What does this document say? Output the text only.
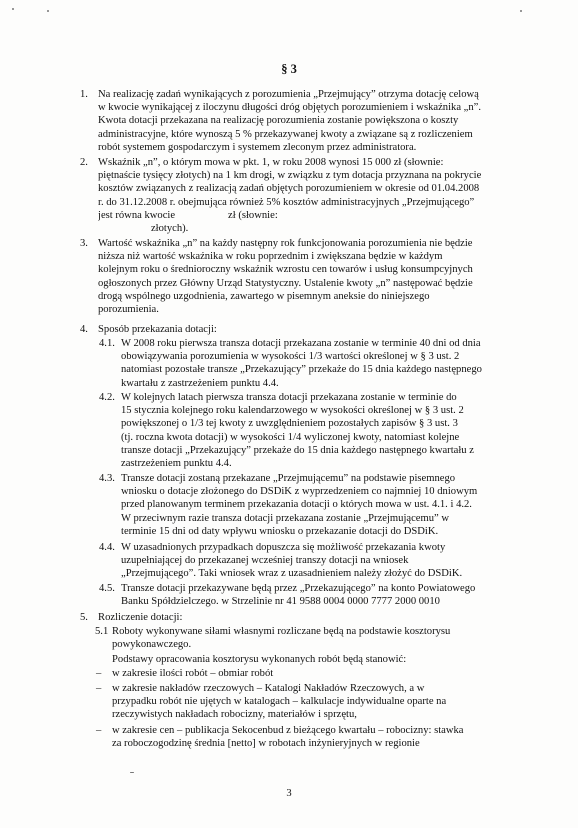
§ 3
1. Na realizację zadań wynikających z porozumienia „Przejmujący” otrzyma dotację celową
w kwocie wynikającej z iloczynu długości dróg objętych porozumieniem i wskaźnika „n”.
Kwota dotacji przekazana na realizację porozumienia zostanie powiększona o koszty
administracyjne, które wynoszą 5 % przekazywanej kwoty a związane są z rozliczeniem
robót systemem gospodarczym i systemem zleconym przez administratora.
2. Wskaźnik „n”, o którym mowa w pkt. 1, w roku 2008 wynosi 15 000 zł (słownie:
piętnaście tysięcy złotych) na 1 km drogi, w związku z tym dotacja przyznana na pokrycie
kosztów związanych z realizacją zadań objętych porozumieniem w okresie od 01.04.2008
r. do 31.12.2008 r. obejmująca również 5% kosztów administracyjnych „Przejmującego”
jest równa kwocie                    zł (słownie:
złotych).
3. Wartość wskaźnika „n” na każdy następny rok funkcjonowania porozumienia nie będzie
niższa niż wartość wskaźnika w roku poprzednim i zwiększana będzie w każdym
kolejnym roku o średnioroczny wskaźnik wzrostu cen towarów i usług konsumpcyjnych
ogłoszonych przez Główny Urząd Statystyczny. Ustalenie kwoty „n” następować będzie
drogą wspólnego uzgodnienia, zawartego w pisemnym aneksie do niniejszego
porozumienia.
4. Sposób przekazania dotacji:
4.1. W 2008 roku pierwsza transza dotacji przekazana zostanie w terminie 40 dni od dnia
obowiązywania porozumienia w wysokości 1/3 wartości określonej w § 3 ust. 2
natomiast pozostałe transze „Przekazujący” przekaże do 15 dnia każdego następnego
kwartału z zastrzeżeniem punktu 4.4.
4.2. W kolejnych latach pierwsza transza dotacji przekazana zostanie w terminie do
15 stycznia kolejnego roku kalendarzowego w wysokości określonej w § 3 ust. 2
powiększonej o 1/3 tej kwoty z uwzględnieniem pozostałych zapisów § 3 ust. 3
(tj. roczna kwota dotacji) w wysokości 1/4 wyliczonej kwoty, natomiast kolejne
transze dotacji „Przekazujący” przekaże do 15 dnia każdego następnego kwartału z
zastrzeżeniem punktu 4.4.
4.3. Transze dotacji zostaną przekazane „Przejmującemu” na podstawie pisemnego
wniosku o dotacje złożonego do DSDiK z wyprzedzeniem co najmniej 10 dniowym
przed planowanym terminem przekazania dotacji o których mowa w ust. 4.1. i 4.2.
W przeciwnym razie transza dotacji przekazana zostanie „Przejmującemu” w
terminie 15 dni od daty wpływu wniosku o przekazanie dotacji do DSDiK.
4.4. W uzasadnionych przypadkach dopuszcza się możliwość przekazania kwoty
uzupełniającej do przekazanej wcześniej transzy dotacji na wniosek
„Przejmującego”. Taki wniosek wraz z uzasadnieniem należy złożyć do DSDiK.
4.5. Transze dotacji przekazywane będą przez „Przekazującego” na konto Powiatowego
Banku Spółdzielczego. w Strzelinie nr 41 9588 0004 0000 7777 2000 0010
5. Rozliczenie dotacji:
5.1 Roboty wykonywane siłami własnymi rozliczane będą na podstawie kosztorysu
powykonawczego.
Podstawy opracowania kosztorysu wykonanych robót będą stanowić:
– w zakresie ilości robót – obmiar robót
– w zakresie nakładów rzeczowych – Katalogi Nakładów Rzeczowych, a w
przypadku robót nie ujętych w katalogach – kalkulacje indywidualne oparte na
rzeczywistych nakładach robocizny, materiałów i sprzętu,
– w zakresie cen – publikacja Sekocenbud z bieżącego kwartału – robocizny: stawka
za roboczogodzinę średnia [netto] w robotach inżynieryjnych w regionie
3
